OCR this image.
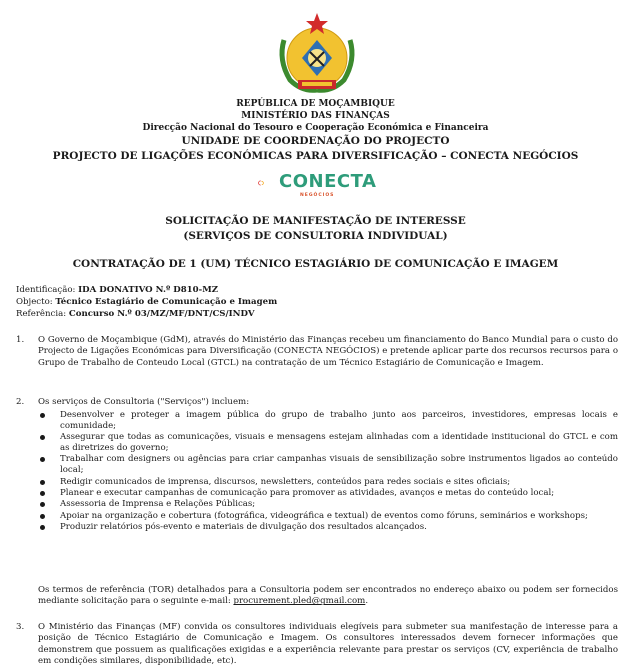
REPÚBLICA DE MOÇAMBIQUE
MINISTÉRIO DAS FINANÇAS
Direcção Nacional do Tesouro e Cooperação Económica e Financeira
UNIDADE DE COORDENAÇÃO DO PROJECTO
PROJECTO DE LIGAÇÕES ECONÓMICAS PARA DIVERSIFICAÇÃO – CONECTA NEGÓCIOS
CONECTA
NEGÓCIOS
SOLICITAÇÃO DE MANIFESTAÇÃO DE INTERESSE
(SERVIÇOS DE CONSULTORIA INDIVIDUAL)
CONTRATAÇÃO DE 1 (UM) TÉCNICO ESTAGIÁRIO DE COMUNICAÇÃO E IMAGEM
Identificação: IDA DONATIVO N.º D810-MZ
Objecto: Técnico Estagiário de Comunicação e Imagem
Referência: Concurso N.º 03/MZ/MF/DNT/CS/INDV
1. O Governo de Moçambique (GdM), através do Ministério das Finanças recebeu um financiamento do Banco Mundial para o custo do Projecto de Ligações Económicas para Diversificação (CONECTA NEGÓCIOS) e pretende aplicar parte dos recursos recursos para o Grupo de Trabalho de Conteudo Local (GTCL) na contratação de um Técnico Estagiário de Comunicação e Imagem.
2. Os serviços de Consultoria ("Serviços") incluem:
Desenvolver e proteger a imagem pública do grupo de trabalho junto aos parceiros, investidores, empresas locais e comunidade;
Assegurar que todas as comunicações, visuais e mensagens estejam alinhadas com a identidade institucional do GTCL e com as diretrizes do governo;
Trabalhar com designers ou agências para criar campanhas visuais de sensibilização sobre instrumentos ligados ao conteúdo local;
Redigir comunicados de imprensa, discursos, newsletters, conteúdos para redes sociais e sites oficiais;
Planear e executar campanhas de comunicação para promover as atividades, avanços e metas do conteúdo local;
Assessoria de Imprensa e Relações Públicas;
Apoiar na organização e cobertura (fotográfica, videográfica e textual) de eventos como fóruns, seminários e workshops;
Produzir relatórios pós-evento e materiais de divulgação dos resultados alcançados.
Os termos de referência (TOR) detalhados para a Consultoria podem ser encontrados no endereço abaixo ou podem ser fornecidos mediante solicitação para o seguinte e-mail: procurement.pled@gmail.com.
3. O Ministério das Finanças (MF) convida os consultores individuais elegíveis para submeter sua manifestação de interesse para a posição de Técnico Estagiário de Comunicação e Imagem. Os consultores interessados devem fornecer informações que demonstrem que possuem as qualificações exigidas e a experiência relevante para prestar os serviços (CV, experiência de trabalho em condições similares, disponibilidade, etc).
